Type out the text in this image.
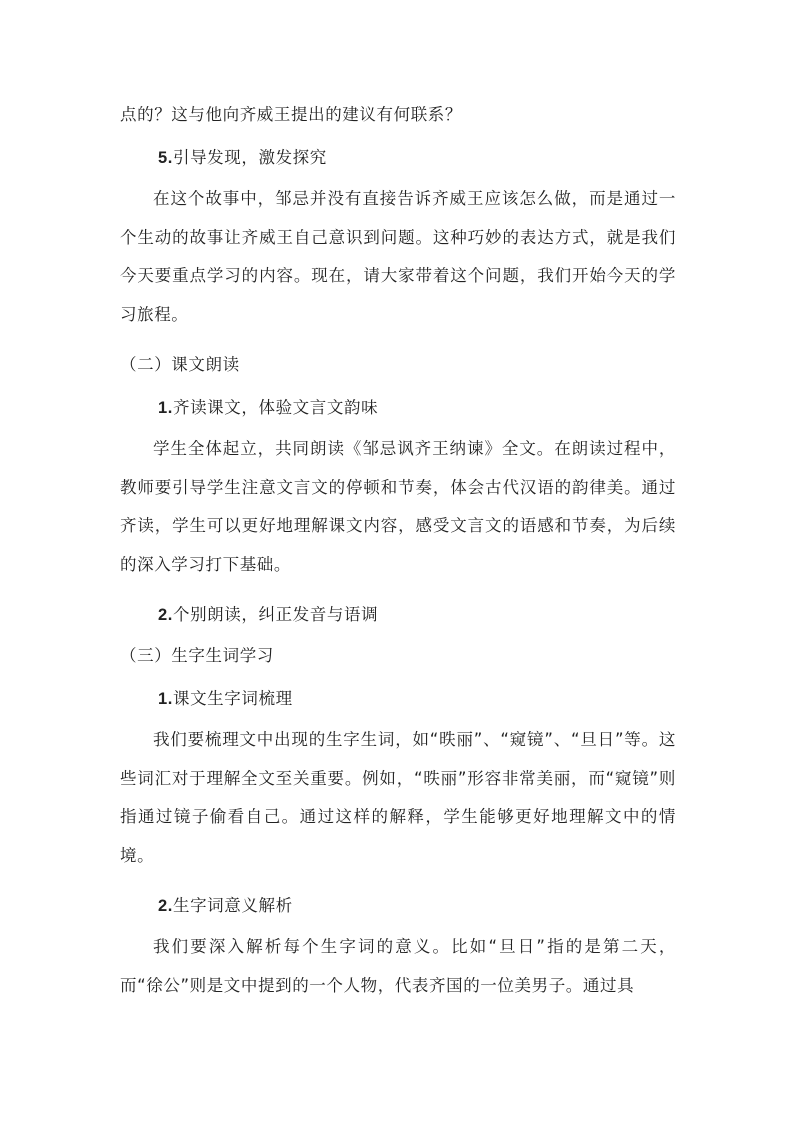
点的？这与他向齐威王提出的建议有何联系？

5.引导发现，激发探究

在这个故事中，邹忌并没有直接告诉齐威王应该怎么做，而是通过一个生动的故事让齐威王自己意识到问题。这种巧妙的表达方式，就是我们今天要重点学习的内容。现在，请大家带着这个问题，我们开始今天的学习旅程。

（二）课文朗读

1.齐读课文，体验文言文韵味

学生全体起立，共同朗读《邹忌讽齐王纳谏》全文。在朗读过程中，教师要引导学生注意文言文的停顿和节奏，体会古代汉语的韵律美。通过齐读，学生可以更好地理解课文内容，感受文言文的语感和节奏，为后续的深入学习打下基础。

2.个别朗读，纠正发音与语调

（三）生字生词学习

1.课文生字词梳理

我们要梳理文中出现的生字生词，如“昳丽”、“窥镜”、“旦日”等。这些词汇对于理解全文至关重要。例如，“昳丽”形容非常美丽，而“窥镜”则指通过镜子偷看自己。通过这样的解释，学生能够更好地理解文中的情境。

2.生字词意义解析

我们要深入解析每个生字词的意义。比如“旦日”指的是第二天，而“徐公”则是文中提到的一个人物，代表齐国的一位美男子。通过具
